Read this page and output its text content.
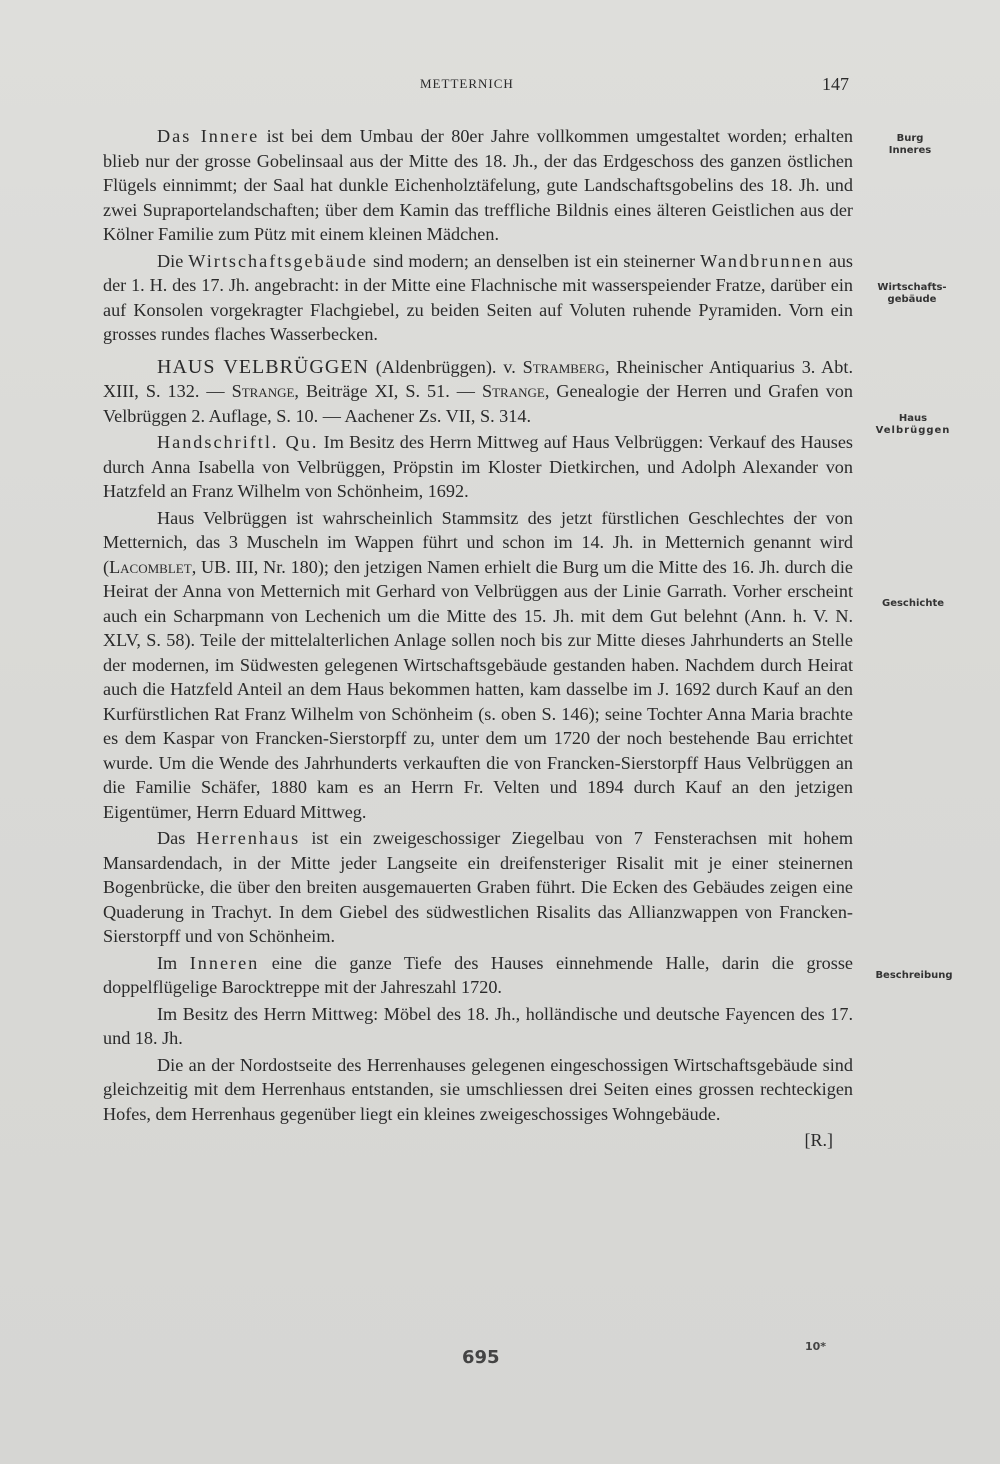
METTERNICH	147
Burg
Inneres
Wirtschafts-
gebäude
Haus
Velbrüggen
Geschichte
Beschreibung

Das Innere ist bei dem Umbau der 80er Jahre vollkommen umgestaltet worden; erhalten blieb nur der grosse Gobelinsaal aus der Mitte des 18. Jh., der das Erdgeschoss des ganzen östlichen Flügels einnimmt; der Saal hat dunkle Eichenholztäfelung, gute Landschaftsgobelins des 18. Jh. und zwei Supraportelandschaften; über dem Kamin das treffliche Bildnis eines älteren Geistlichen aus der Kölner Familie zum Pütz mit einem kleinen Mädchen.

Die Wirtschaftsgebäude sind modern; an denselben ist ein steinerner Wandbrunnen aus der 1. H. des 17. Jh. angebracht: in der Mitte eine Flachnische mit wasserspeiender Fratze, darüber ein auf Konsolen vorgekragter Flachgiebel, zu beiden Seiten auf Voluten ruhende Pyramiden. Vorn ein grosses rundes flaches Wasserbecken.

HAUS VELBRÜGGEN (Aldenbrüggen). v. Stramberg, Rheinischer Antiquarius 3. Abt. XIII, S. 132. — Strange, Beiträge XI, S. 51. — Strange, Genealogie der Herren und Grafen von Velbrüggen 2. Auflage, S. 10. — Aachener Zs. VII, S. 314.

Handschriftl. Qu. Im Besitz des Herrn Mittweg auf Haus Velbrüggen: Verkauf des Hauses durch Anna Isabella von Velbrüggen, Pröpstin im Kloster Dietkirchen, und Adolph Alexander von Hatzfeld an Franz Wilhelm von Schönheim, 1692.

Haus Velbrüggen ist wahrscheinlich Stammsitz des jetzt fürstlichen Geschlechtes der von Metternich, das 3 Muscheln im Wappen führt und schon im 14. Jh. in Metternich genannt wird (Lacomblet, UB. III, Nr. 180); den jetzigen Namen erhielt die Burg um die Mitte des 16. Jh. durch die Heirat der Anna von Metternich mit Gerhard von Velbrüggen aus der Linie Garrath. Vorher erscheint auch ein Scharpmann von Lechenich um die Mitte des 15. Jh. mit dem Gut belehnt (Ann. h. V. N. XLV, S. 58). Teile der mittelalterlichen Anlage sollen noch bis zur Mitte dieses Jahrhunderts an Stelle der modernen, im Südwesten gelegenen Wirtschaftsgebäude gestanden haben. Nachdem durch Heirat auch die Hatzfeld Anteil an dem Haus bekommen hatten, kam dasselbe im J. 1692 durch Kauf an den Kurfürstlichen Rat Franz Wilhelm von Schönheim (s. oben S. 146); seine Tochter Anna Maria brachte es dem Kaspar von Francken-Sierstorpff zu, unter dem um 1720 der noch bestehende Bau errichtet wurde. Um die Wende des Jahrhunderts verkauften die von Francken-Sierstorpff Haus Velbrüggen an die Familie Schäfer, 1880 kam es an Herrn Fr. Velten und 1894 durch Kauf an den jetzigen Eigentümer, Herrn Eduard Mittweg.

Das Herrenhaus ist ein zweigeschossiger Ziegelbau von 7 Fensterachsen mit hohem Mansardendach, in der Mitte jeder Langseite ein dreifensteriger Risalit mit je einer steinernen Bogenbrücke, die über den breiten ausgemauerten Graben führt. Die Ecken des Gebäudes zeigen eine Quaderung in Trachyt. In dem Giebel des südwestlichen Risalits das Allianzwappen von Francken-Sierstorpff und von Schönheim.

Im Inneren eine die ganze Tiefe des Hauses einnehmende Halle, darin die grosse doppelflügelige Barocktreppe mit der Jahreszahl 1720.

Im Besitz des Herrn Mittweg: Möbel des 18. Jh., holländische und deutsche Fayencen des 17. und 18. Jh.

Die an der Nordostseite des Herrenhauses gelegenen eingeschossigen Wirtschaftsgebäude sind gleichzeitig mit dem Herrenhaus entstanden, sie umschliessen drei Seiten eines grossen rechteckigen Hofes, dem Herrenhaus gegenüber liegt ein kleines zweigeschossiges Wohngebäude.

[R.]
695
10*
